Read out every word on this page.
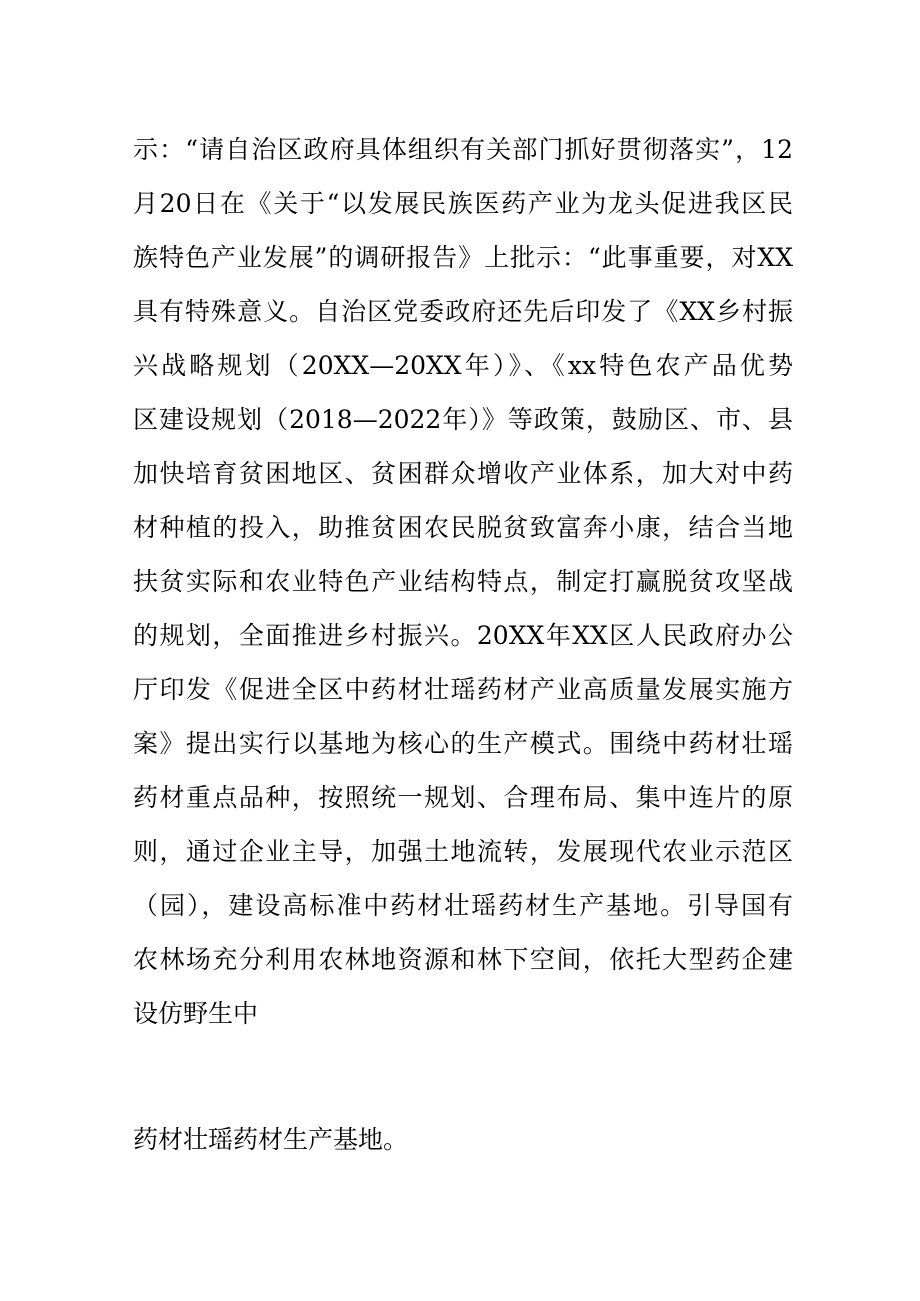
示：“请自治区政府具体组织有关部门抓好贯彻落实”，12
月20日在《关于“以发展民族医药产业为龙头促进我区民
族特色产业发展”的调研报告》上批示：“此事重要，对XX
具有特殊意义。自治区党委政府还先后印发了《XX乡村振
兴战略规划（20XX—20XX年）》、《xx特色农产品优势
区建设规划（2018—2022年）》等政策，鼓励区、市、县
加快培育贫困地区、贫困群众增收产业体系，加大对中药
材种植的投入，助推贫困农民脱贫致富奔小康，结合当地
扶贫实际和农业特色产业结构特点，制定打赢脱贫攻坚战
的规划，全面推进乡村振兴。20XX年XX区人民政府办公
厅印发《促进全区中药材壮瑶药材产业高质量发展实施方
案》提出实行以基地为核心的生产模式。围绕中药材壮瑶
药材重点品种，按照统一规划、合理布局、集中连片的原
则，通过企业主导，加强土地流转，发展现代农业示范区
（园），建设高标准中药材壮瑶药材生产基地。引导国有
农林场充分利用农林地资源和林下空间，依托大型药企建
设仿野生中
药材壮瑶药材生产基地。
